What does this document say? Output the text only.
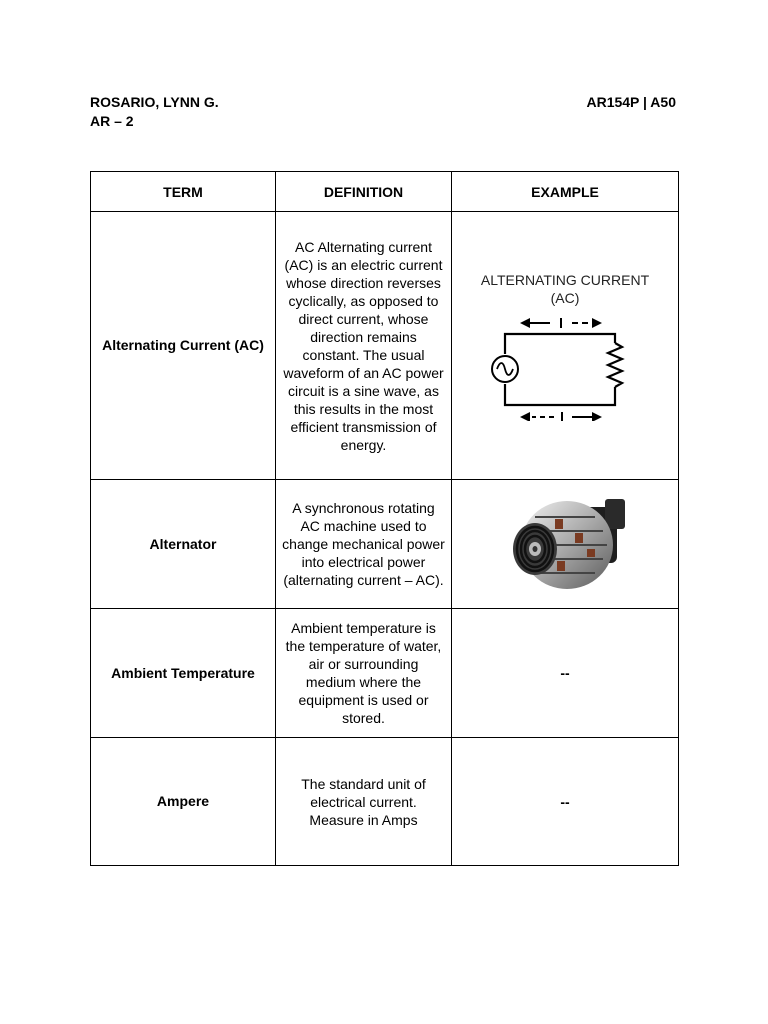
ROSARIO, LYNN G.
AR – 2
AR154P | A50
TERM	DEFINITION	EXAMPLE

Alternating Current (AC)	AC Alternating current (AC) is an electric current whose direction reverses cyclically, as opposed to direct current, whose direction remains constant. The usual waveform of an AC power circuit is a sine wave, as this results in the most efficient transmission of energy.	ALTERNATING CURRENT
(AC)

Alternator	A synchronous rotating AC machine used to change mechanical power into electrical power (alternating current – AC).

Ambient Temperature	Ambient temperature is the temperature of water, air or surrounding medium where the equipment is used or stored.	--

Ampere	The standard unit of electrical current. Measure in Amps	--
